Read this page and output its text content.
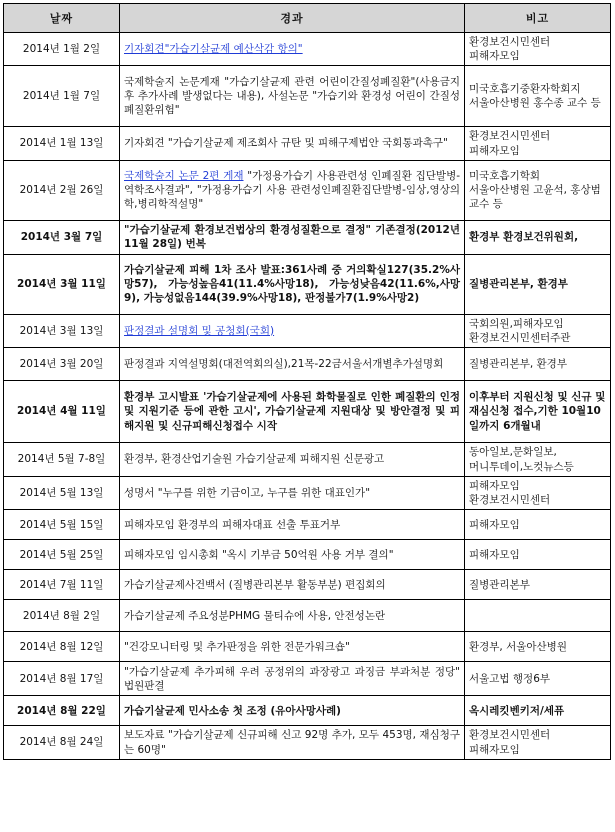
날짜	경과	비고
2014년 1월 2일	기자회견"가습기살균제 예산삭감 항의"	환경보건시민센터
피해자모임
2014년 1월 7일	국제학술지 논문게재 "가습기살균제 관련 어린이간질성폐질환"(사용금지후 추가사례 발생없다는 내용), 사설논문 "가습기와 환경성 어린이 간질성폐질환위험"	미국호흡기중환자학회지
서울아산병원 홍수종 교수 등
2014년 1월 13일	기자회견 "가습기살균제 제조회사 규탄 및 피해구제법안 국회통과촉구"	환경보건시민센터
피해자모임
2014년 2월 26일	국제학술지 논문 2편 게재 "가정용가습기 사용관련성 인폐질환 집단발병-역학조사결과", "가정용가습기 사용 관련성인폐질환집단발병-임상,영상의학,병리학적설명"	미국호흡기학회
서울아산병원 고윤석, 홍상범 교수 등
2014년 3월 7일	"가습기살균제 환경보건법상의 환경성질환으로 결정" 기존결정(2012년 11월 28일) 번복	환경부 환경보건위원회,
2014년 3월 11일	가습기살균제 피해 1차 조사 발표:361사례 중 거의확실127(35.2%사망57), 가능성높음41(11.4%사망18), 가능성낮음42(11.6%,사망9), 가능성없음144(39.9%사망18), 판정불가7(1.9%사망2)	질병관리본부, 환경부
2014년 3월 13일	판정결과 설명회 및 공청회(국회)	국회의원,피해자모임
환경보건시민센터주관
2014년 3월 20일	판정결과 지역설명회(대전역회의실),21목-22금서울서개별추가설명회	질병관리본부, 환경부
2014년 4월 11일	환경부 고시발표 '가습기살균제에 사용된 화학물질로 인한 폐질환의 인정 및 지원기준 등에 관한 고시', 가습기살균제 지원대상 및 방안결정 및 피해지원 및 신규피해신청접수 시작	이후부터 지원신청 및 신규 및 재심신청 접수,기한 10월10일까지 6개월내
2014년 5월 7-8일	환경부, 환경산업기술원 가습기살균제 피해지원 신문광고	동아일보,문화일보,
머니투데이,노컷뉴스등
2014년 5월 13일	성명서 "누구를 위한 기금이고, 누구를 위한 대표인가"	피해자모임
환경보건시민센터
2014년 5월 15일	피해자모임 환경부의 피해자대표 선출 투표거부	피해자모임
2014년 5월 25일	피해자모임 임시총회 "옥시 기부금 50억원 사용 거부 결의"	피해자모임
2014년 7월 11일	가습기살균제사건백서 (질병관리본부 활동부분) 편집회의	질병관리본부
2014년 8월 2일	가습기살균제 주요성분PHMG 물티슈에 사용, 안전성논란	
2014년 8월 12일	"건강모니터링 및 추가판정을 위한 전문가워크숍"	환경부, 서울아산병원
2014년 8월 17일	"가습기살균제 추가피해 우려 공정위의 과장광고 과징금 부과처분 정당" 법원판결	서울고법 행정6부
2014년 8월 22일	가습기살균제 민사소송 첫 조정 (유아사망사례)	옥시레킷벤키저/세퓨
2014년 8월 24일	보도자료 "가습기살균제 신규피해 신고 92명 추가, 모두 453명, 재심청구는 60명"	환경보건시민센터
피해자모임
